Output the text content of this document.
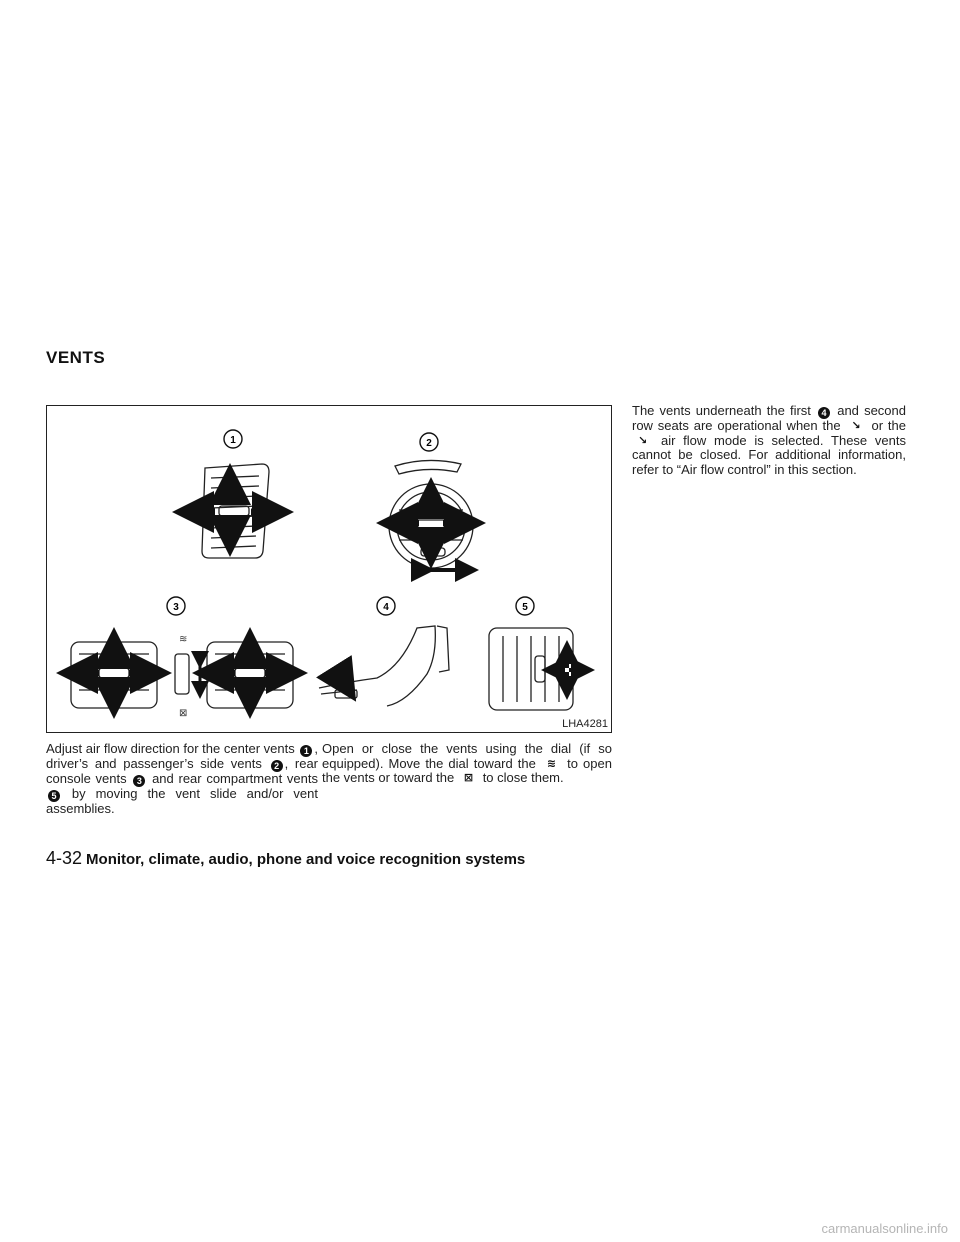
VENTS
1	2
3	4	5
≋
⊠
LHA4281
Adjust air flow direction for the center vents 1 , driver’s and passenger’s side vents 2 , rear console vents 3 and rear compartment vents5 by moving the vent slide and/or vent assemblies.
Open or close the vents using the dial (if so equipped). Move the dial toward the ≋ to open the vents or toward the ⊠ to close them.
The vents underneath the first 4 and second row seats are operational when the ↘ or the ↘ air flow mode is selected. These vents cannot be closed. For additional information, refer to “Air flow control” in this section.
4-32 Monitor, climate, audio, phone and voice recognition systems
carmanualsonline.info
